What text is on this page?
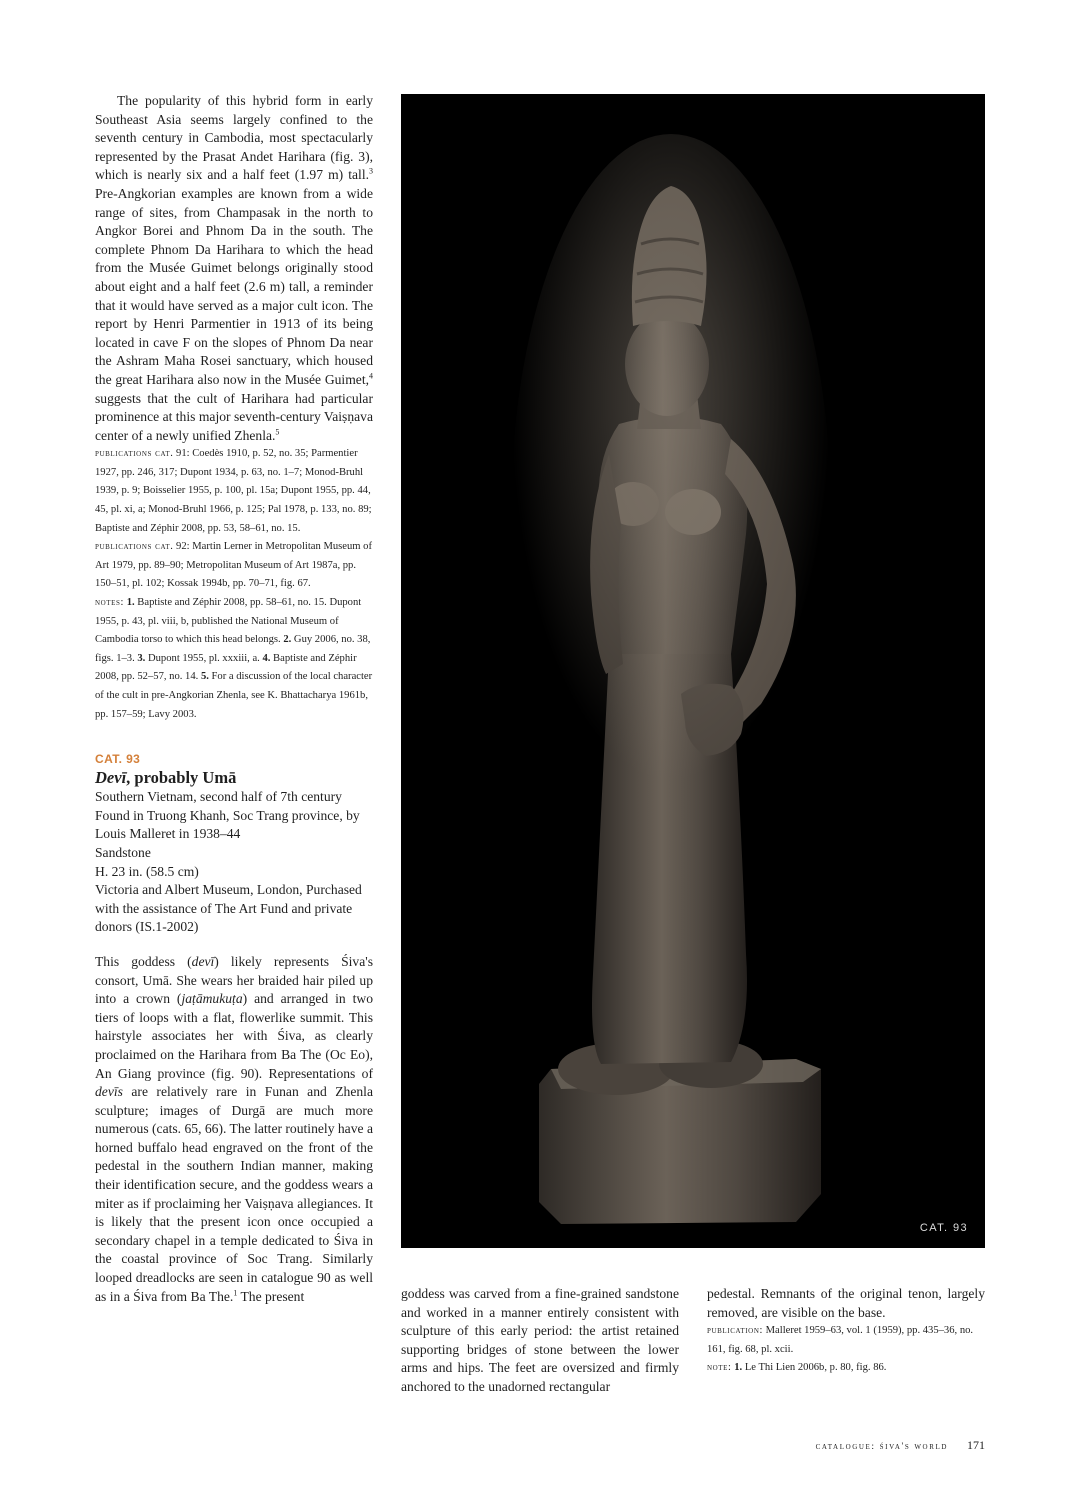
The popularity of this hybrid form in early Southeast Asia seems largely confined to the seventh century in Cambodia, most spectacularly represented by the Prasat Andet Harihara (fig. 3), which is nearly six and a half feet (1.97 m) tall.$^3$ Pre-Angkorian examples are known from a wide range of sites, from Champasak in the north to Angkor Borei and Phnom Da in the south. The complete Phnom Da Harihara to which the head from the Musée Guimet belongs originally stood about eight and a half feet (2.6 m) tall, a reminder that it would have served as a major cult icon. The report by Henri Parmentier in 1913 of its being located in cave F on the slopes of Phnom Da near the Ashram Maha Rosei sanctuary, which housed the great Harihara also now in the Musée Guimet,$^4$ suggests that the cult of Harihara had particular prominence at this major seventh-century Vaiṣṇava center of a newly unified Zhenla.$^5$

publications cat. 91: Coedès 1910, p. 52, no. 35; Parmentier 1927, pp. 246, 317; Dupont 1934, p. 63, no. 1–7; Monod-Bruhl 1939, p. 9; Boisselier 1955, p. 100, pl. 15a; Dupont 1955, pp. 44, 45, pl. xi, a; Monod-Bruhl 1966, p. 125; Pal 1978, p. 133, no. 89; Baptiste and Zéphir 2008, pp. 53, 58–61, no. 15.

publications cat. 92: Martin Lerner in Metropolitan Museum of Art 1979, pp. 89–90; Metropolitan Museum of Art 1987a, pp. 150–51, pl. 102; Kossak 1994b, pp. 70–71, fig. 67.

notes: 1. Baptiste and Zéphir 2008, pp. 58–61, no. 15. Dupont 1955, p. 43, pl. viii, b, published the National Museum of Cambodia torso to which this head belongs. 2. Guy 2006, no. 38, figs. 1–3. 3. Dupont 1955, pl. xxxiii, a. 4. Baptiste and Zéphir 2008, pp. 52–57, no. 14. 5. For a discussion of the local character of the cult in pre-Angkorian Zhenla, see K. Bhattacharya 1961b, pp. 157–59; Lavy 2003.

CAT. 93
Devī, probably Umā
Southern Vietnam, second half of 7th century
Found in Truong Khanh, Soc Trang province, by Louis Malleret in 1938–44
Sandstone
H. 23 in. (58.5 cm)
Victoria and Albert Museum, London, Purchased with the assistance of The Art Fund and private donors (IS.1-2002)

This goddess (devī) likely represents Śiva's consort, Umā. She wears her braided hair piled up into a crown (jaṭāmukuṭa) and arranged in two tiers of loops with a flat, flowerlike summit. This hairstyle associates her with Śiva, as clearly proclaimed on the Harihara from Ba The (Oc Eo), An Giang province (fig. 90). Representations of devīs are relatively rare in Funan and Zhenla sculpture; images of Durgā are much more numerous (cats. 65, 66). The latter routinely have a horned buffalo head engraved on the front of the pedestal in the southern Indian manner, making their identification secure, and the goddess wears a miter as if proclaiming her Vaiṣṇava allegiances. It is likely that the present icon once occupied a secondary chapel in a temple dedicated to Śiva in the coastal province of Soc Trang. Similarly looped dreadlocks are seen in catalogue 90 as well as in a Śiva from Ba The.$^1$ The present

CAT. 93

goddess was carved from a fine-grained sandstone and worked in a manner entirely consistent with sculpture of this early period: the artist retained supporting bridges of stone between the lower arms and hips. The feet are oversized and firmly anchored to the unadorned rectangular

pedestal. Remnants of the original tenon, largely removed, are visible on the base.

publication: Malleret 1959–63, vol. 1 (1959), pp. 435–36, no. 161, fig. 68, pl. xcii.

note: 1. Le Thi Lien 2006b, p. 80, fig. 86.

catalogue: śiva's world 171
